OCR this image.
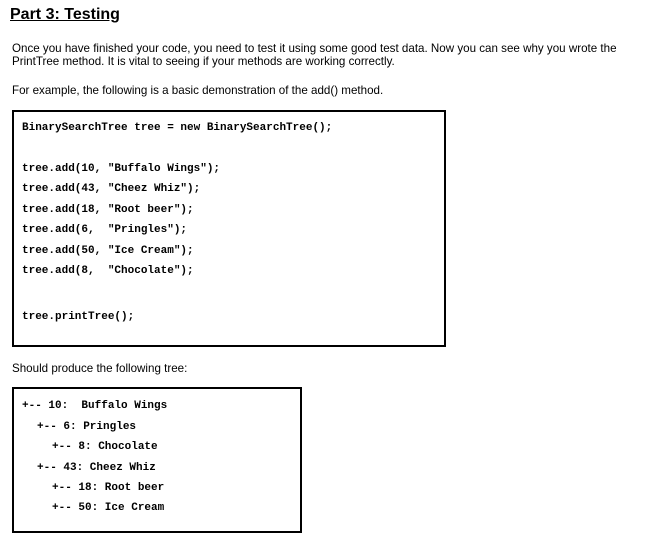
Part 3: Testing
Once you have finished your code, you need to test it using some good test data. Now you can see why you wrote the
PrintTree method. It is vital to seeing if your methods are working correctly.
For example, the following is a basic demonstration of the add() method.
BinarySearchTree tree = new BinarySearchTree();
tree.add(10, "Buffalo Wings");
tree.add(43, "Cheez Whiz");
tree.add(18, "Root beer");
tree.add(6,  "Pringles");
tree.add(50, "Ice Cream");
tree.add(8,  "Chocolate");
tree.printTree();
Should produce the following tree:
+-- 10:  Buffalo Wings
+-- 6: Pringles
+-- 8: Chocolate
+-- 43: Cheez Whiz
+-- 18: Root beer
+-- 50: Ice Cream
